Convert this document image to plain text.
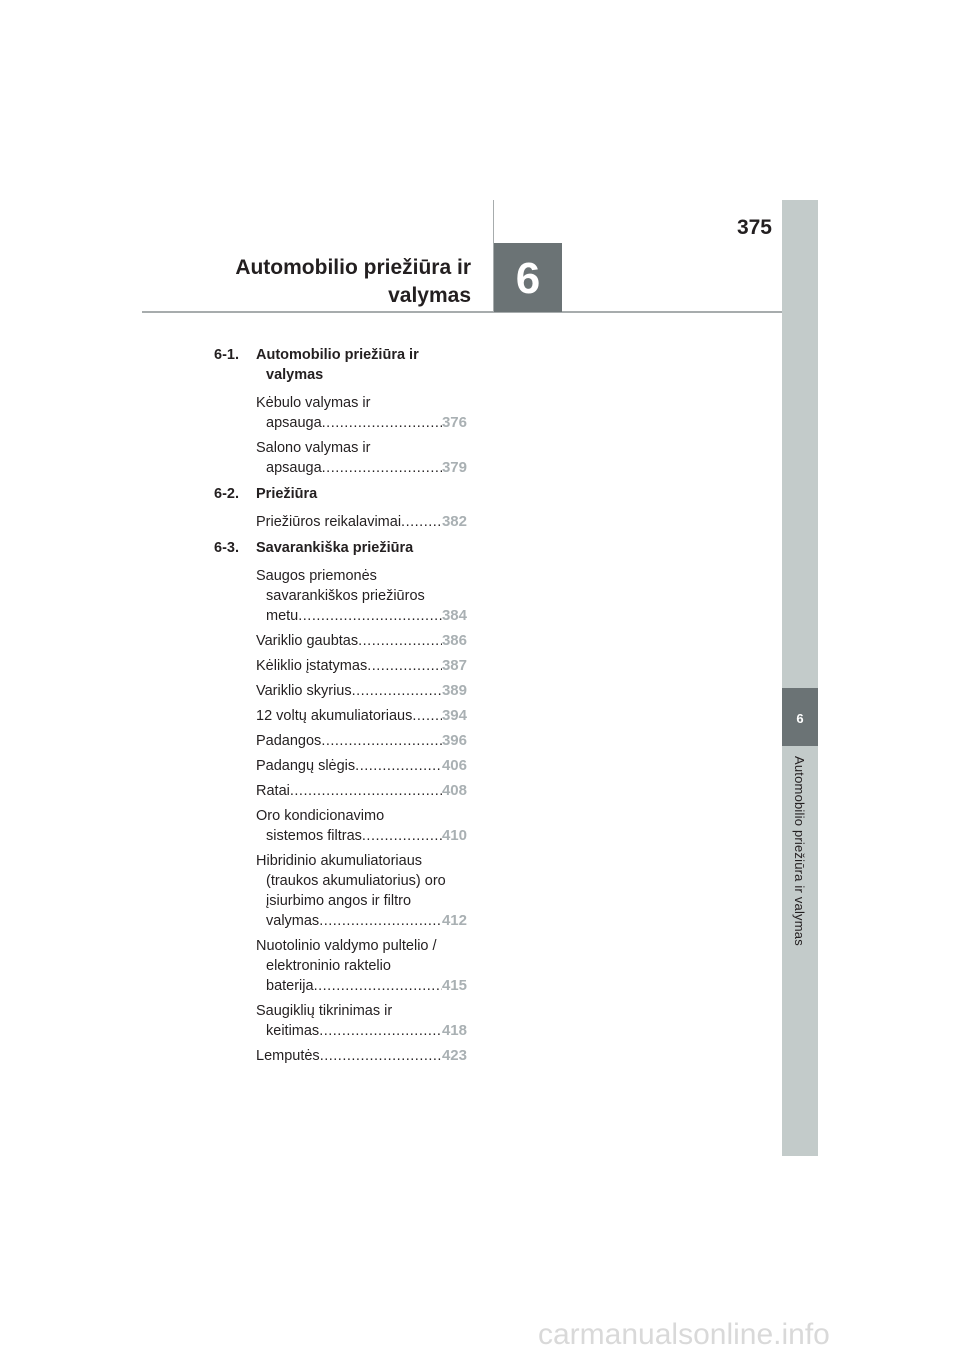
375
Automobilio priežiūra ir
valymas	6
6
Automobilio priežiūra ir valymas
6-1.	Automobilio priežiūra ir
valymas
Kėbulo valymas ir
apsauga .....	376
Salono valymas ir
apsauga .....	379
6-2.	Priežiūra
Priežiūros reikalavimai .....	382
6-3.	Savarankiška priežiūra
Saugos priemonės
savarankiškos priežiūros
metu .....	384
Variklio gaubtas .....	386
Kėliklio įstatymas .....	387
Variklio skyrius .....	389
12 voltų akumuliatoriaus ..... 394
Padangos .....	396
Padangų slėgis .....	406
Ratai .....	408
Oro kondicionavimo
sistemos filtras .....	410
Hibridinio akumuliatoriaus
(traukos akumuliatorius) oro
įsiurbimo angos ir filtro
valymas .....	412
Nuotolinio valdymo pultelio /
elektroninio raktelio
baterija .....	415
Saugiklių tikrinimas ir
keitimas .....	418
Lemputės .....	423
carmanualsonline.info
